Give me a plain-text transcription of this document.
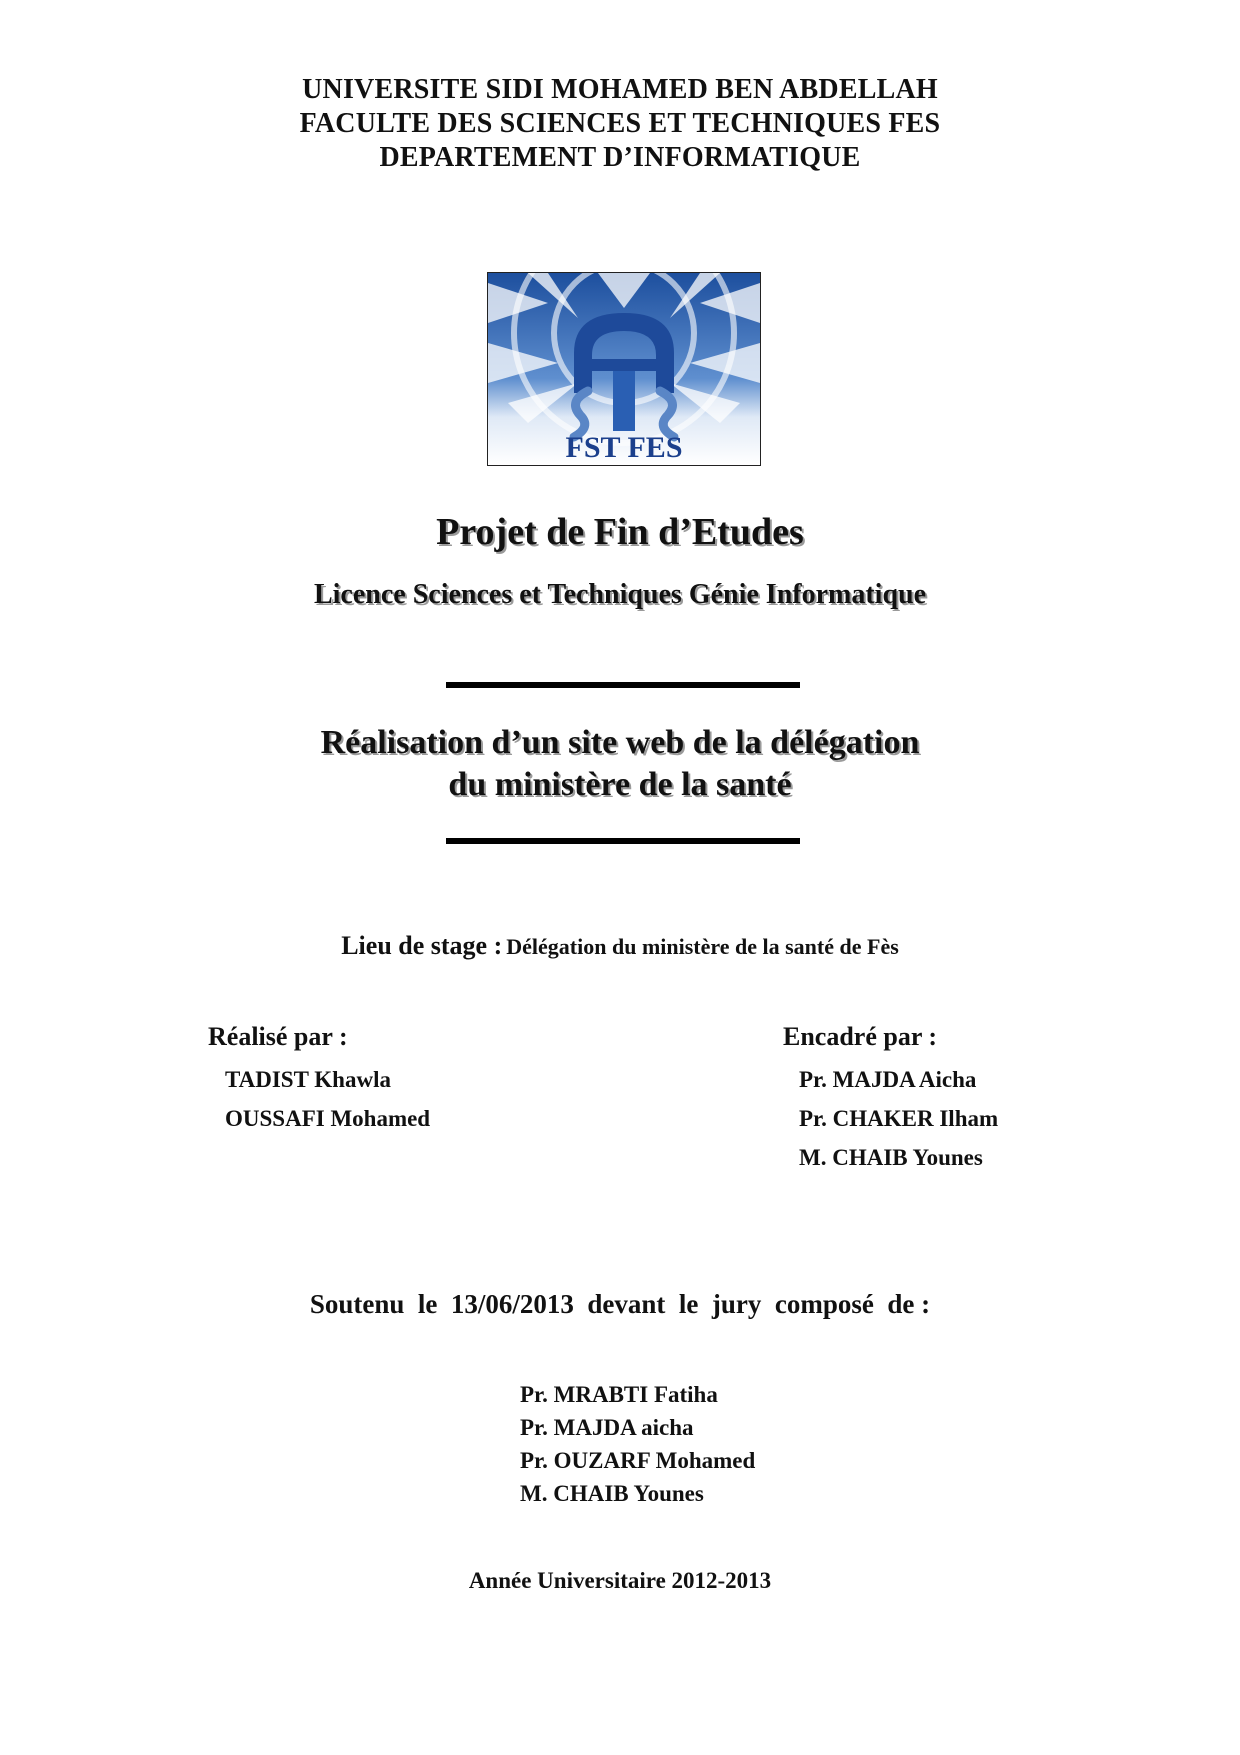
UNIVERSITE SIDI MOHAMED BEN ABDELLAH
FACULTE DES SCIENCES ET TECHNIQUES FES
DEPARTEMENT D’INFORMATIQUE
FST FES
Projet de Fin d’Etudes
Licence Sciences et Techniques Génie Informatique
Réalisation d’un site web de la délégation
du ministère de la santé
Lieu de stage : Délégation du ministère de la santé de Fès
Réalisé par :
TADIST Khawla
OUSSAFI Mohamed
Encadré par :
Pr. MAJDA Aicha
Pr. CHAKER Ilham
M. CHAIB Younes
Soutenu  le  13/06/2013  devant  le  jury  composé  de :
Pr. MRABTI Fatiha
Pr. MAJDA aicha
Pr. OUZARF Mohamed
M. CHAIB Younes
Année Universitaire 2012-2013
